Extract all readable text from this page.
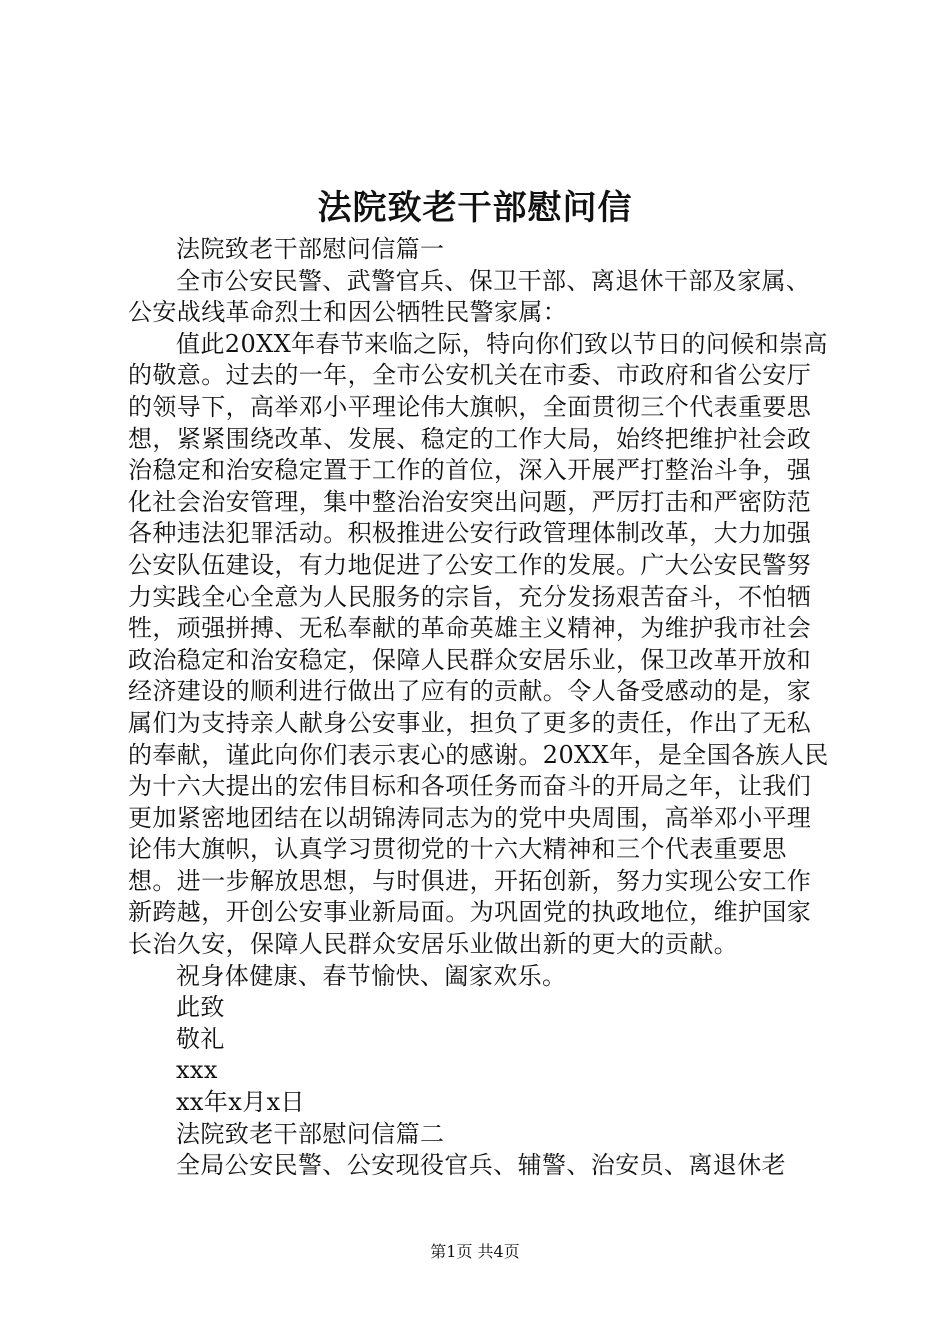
法院致老干部慰问信

法院致老干部慰问信篇一

全市公安民警、武警官兵、保卫干部、离退休干部及家属、公安战线革命烈士和因公牺牲民警家属：

值此20XX年春节来临之际，特向你们致以节日的问候和崇高的敬意。过去的一年，全市公安机关在市委、市政府和省公安厅的领导下，高举邓小平理论伟大旗帜，全面贯彻三个代表重要思想，紧紧围绕改革、发展、稳定的工作大局，始终把维护社会政治稳定和治安稳定置于工作的首位，深入开展严打整治斗争，强化社会治安管理，集中整治治安突出问题，严厉打击和严密防范各种违法犯罪活动。积极推进公安行政管理体制改革，大力加强公安队伍建设，有力地促进了公安工作的发展。广大公安民警努力实践全心全意为人民服务的宗旨，充分发扬艰苦奋斗，不怕牺牲，顽强拼搏、无私奉献的革命英雄主义精神，为维护我市社会政治稳定和治安稳定，保障人民群众安居乐业，保卫改革开放和经济建设的顺利进行做出了应有的贡献。令人备受感动的是，家属们为支持亲人献身公安事业，担负了更多的责任，作出了无私的奉献，谨此向你们表示衷心的感谢。20XX年，是全国各族人民为十六大提出的宏伟目标和各项任务而奋斗的开局之年，让我们更加紧密地团结在以胡锦涛同志为的党中央周围，高举邓小平理论伟大旗帜，认真学习贯彻党的十六大精神和三个代表重要思想。进一步解放思想，与时俱进，开拓创新，努力实现公安工作新跨越，开创公安事业新局面。为巩固党的执政地位，维护国家长治久安，保障人民群众安居乐业做出新的更大的贡献。

祝身体健康、春节愉快、阖家欢乐。

此致

敬礼

xxx

xx年x月x日

法院致老干部慰问信篇二

全局公安民警、公安现役官兵、辅警、治安员、离退休老

第1页 共4页
